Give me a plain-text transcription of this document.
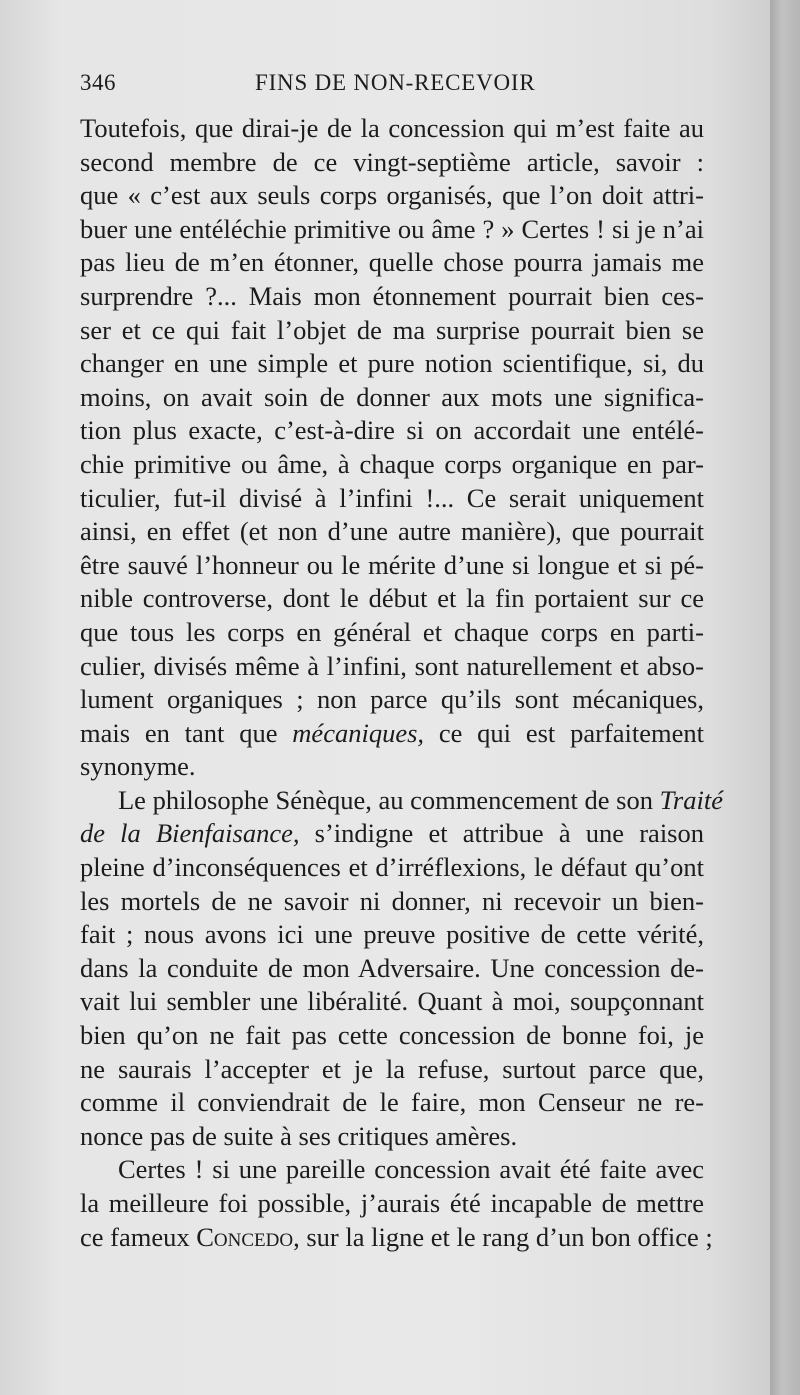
346	FINS DE NON-RECEVOIR
Toutefois, que dirai-je de la concession qui m’est faite au
second membre de ce vingt-septième article, savoir :
que « c’est aux seuls corps organisés, que l’on doit attri-
buer une entéléchie primitive ou âme ? » Certes ! si je n’ai
pas lieu de m’en étonner, quelle chose pourra jamais me
surprendre ?... Mais mon étonnement pourrait bien ces-
ser et ce qui fait l’objet de ma surprise pourrait bien se
changer en une simple et pure notion scientifique, si, du
moins, on avait soin de donner aux mots une significa-
tion plus exacte, c’est-à-dire si on accordait une entélé-
chie primitive ou âme, à chaque corps organique en par-
ticulier, fut-il divisé à l’infini !... Ce serait uniquement
ainsi, en effet (et non d’une autre manière), que pourrait
être sauvé l’honneur ou le mérite d’une si longue et si pé-
nible controverse, dont le début et la fin portaient sur ce
que tous les corps en général et chaque corps en parti-
culier, divisés même à l’infini, sont naturellement et abso-
lument organiques ; non parce qu’ils sont mécaniques,
mais en tant que mécaniques, ce qui est parfaitement
synonyme.
Le philosophe Sénèque, au commencement de son Traité
de la Bienfaisance, s’indigne et attribue à une raison
pleine d’inconséquences et d’irréflexions, le défaut qu’ont
les mortels de ne savoir ni donner, ni recevoir un bien-
fait ; nous avons ici une preuve positive de cette vérité,
dans la conduite de mon Adversaire. Une concession de-
vait lui sembler une libéralité. Quant à moi, soupçonnant
bien qu’on ne fait pas cette concession de bonne foi, je
ne saurais l’accepter et je la refuse, surtout parce que,
comme il conviendrait de le faire, mon Censeur ne re-
nonce pas de suite à ses critiques amères.
Certes ! si une pareille concession avait été faite avec
la meilleure foi possible, j’aurais été incapable de mettre
ce fameux Concedo, sur la ligne et le rang d’un bon office ;
